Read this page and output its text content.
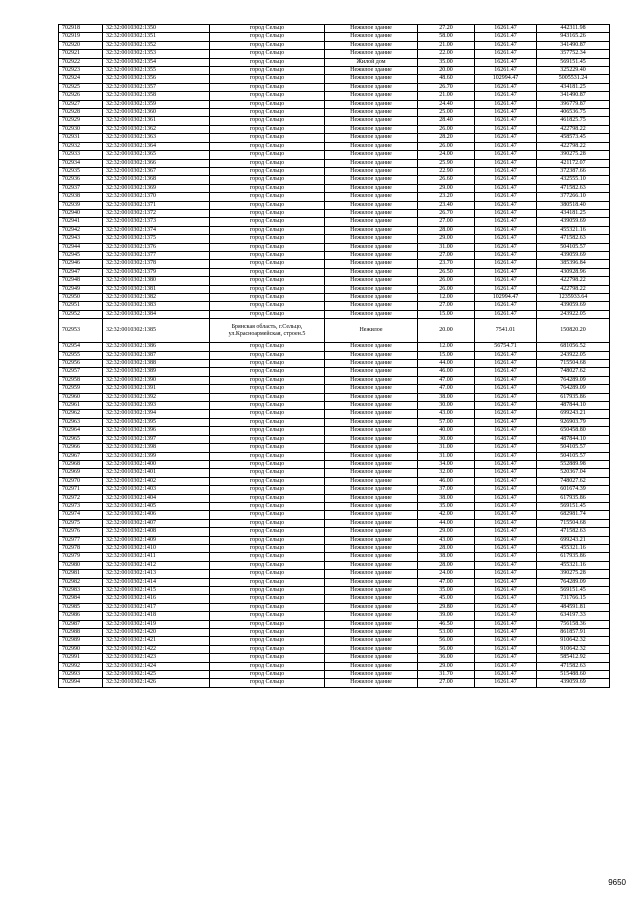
702918	32:32:0010302:1350	город Сельцо	Нежилое здание	27.20	16261.47	442311.98
702919	32:32:0010302:1351	город Сельцо	Нежилое здание	58.00	16261.47	943165.26
702920	32:32:0010302:1352	город Сельцо	Нежилое здание	21.00	16261.47	341490.87
702921	32:32:0010302:1353	город Сельцо	Нежилое здание	22.00	16261.47	357752.34
702922	32:32:0010302:1354	город Сельцо	Жилой дом	35.00	16261.47	569151.45
702923	32:32:0010302:1355	город Сельцо	Нежилое здание	20.00	16261.47	325229.40
702924	32:32:0010302:1356	город Сельцо	Нежилое здание	48.60	102994.47	5005531.24
702925	32:32:0010302:1357	город Сельцо	Нежилое здание	26.70	16261.47	434181.25
702926	32:32:0010302:1358	город Сельцо	Нежилое здание	21.00	16261.47	341490.87
702927	32:32:0010302:1359	город Сельцо	Нежилое здание	24.40	16261.47	396779.87
702928	32:32:0010302:1360	город Сельцо	Нежилое здание	25.00	16261.47	406536.75
702929	32:32:0010302:1361	город Сельцо	Нежилое здание	28.40	16261.47	461825.75
702930	32:32:0010302:1362	город Сельцо	Нежилое здание	26.00	16261.47	422798.22
702931	32:32:0010302:1363	город Сельцо	Нежилое здание	28.20	16261.47	458573.45
702932	32:32:0010302:1364	город Сельцо	Нежилое здание	26.00	16261.47	422798.22
702933	32:32:0010302:1365	город Сельцо	Нежилое здание	24.00	16261.47	390275.28
702934	32:32:0010302:1366	город Сельцо	Нежилое здание	25.90	16261.47	421172.07
702935	32:32:0010302:1367	город Сельцо	Нежилое здание	22.90	16261.47	372387.66
702936	32:32:0010302:1368	город Сельцо	Нежилое здание	26.60	16261.47	432555.10
702937	32:32:0010302:1369	город Сельцо	Нежилое здание	29.00	16261.47	471582.63
702938	32:32:0010302:1370	город Сельцо	Нежилое здание	23.20	16261.47	377266.10
702939	32:32:0010302:1371	город Сельцо	Нежилое здание	23.40	16261.47	380518.40
702940	32:32:0010302:1372	город Сельцо	Нежилое здание	26.70	16261.47	434181.25
702941	32:32:0010302:1373	город Сельцо	Нежилое здание	27.00	16261.47	439059.69
702942	32:32:0010302:1374	город Сельцо	Нежилое здание	28.00	16261.47	455321.16
702943	32:32:0010302:1375	город Сельцо	Нежилое здание	29.00	16261.47	471582.63
702944	32:32:0010302:1376	город Сельцо	Нежилое здание	31.00	16261.47	504105.57
702945	32:32:0010302:1377	город Сельцо	Нежилое здание	27.00	16261.47	439059.69
702946	32:32:0010302:1378	город Сельцо	Нежилое здание	23.70	16261.47	385396.84
702947	32:32:0010302:1379	город Сельцо	Нежилое здание	26.50	16261.47	430928.96
702948	32:32:0010302:1380	город Сельцо	Нежилое здание	26.00	16261.47	422798.22
702949	32:32:0010302:1381	город Сельцо	Нежилое здание	26.00	16261.47	422798.22
702950	32:32:0010302:1382	город Сельцо	Нежилое здание	12.00	102994.47	1235933.64
702951	32:32:0010302:1383	город Сельцо	Нежилое здание	27.00	16261.47	439059.69
702952	32:32:0010302:1384	город Сельцо	Нежилое здание	15.00	16261.47	243922.05
702953	32:32:0010302:1385	Брянская область, г.Сельцо, ул.Красноармейская, строен.5	Нежилое	20.00	7541.01	150820.20
702954	32:32:0010302:1386	город Сельцо	Нежилое здание	12.00	56754.71	681056.52
702955	32:32:0010302:1387	город Сельцо	Нежилое здание	15.00	16261.47	243922.05
702956	32:32:0010302:1388	город Сельцо	Нежилое здание	44.00	16261.47	715504.68
702957	32:32:0010302:1389	город Сельцо	Нежилое здание	46.00	16261.47	748027.62
702958	32:32:0010302:1390	город Сельцо	Нежилое здание	47.00	16261.47	764289.09
702959	32:32:0010302:1391	город Сельцо	Нежилое здание	47.00	16261.47	764289.09
702960	32:32:0010302:1392	город Сельцо	Нежилое здание	38.00	16261.47	617935.86
702961	32:32:0010302:1393	город Сельцо	Нежилое здание	30.00	16261.47	487844.10
702962	32:32:0010302:1394	город Сельцо	Нежилое здание	43.00	16261.47	699243.21
702963	32:32:0010302:1395	город Сельцо	Нежилое здание	57.00	16261.47	926903.79
702964	32:32:0010302:1396	город Сельцо	Нежилое здание	40.00	16261.47	650458.80
702965	32:32:0010302:1397	город Сельцо	Нежилое здание	30.00	16261.47	487844.10
702966	32:32:0010302:1398	город Сельцо	Нежилое здание	31.00	16261.47	504105.57
702967	32:32:0010302:1399	город Сельцо	Нежилое здание	31.00	16261.47	504105.57
702968	32:32:0010302:1400	город Сельцо	Нежилое здание	34.00	16261.47	552889.98
702969	32:32:0010302:1401	город Сельцо	Нежилое здание	32.00	16261.47	520367.04
702970	32:32:0010302:1402	город Сельцо	Нежилое здание	46.00	16261.47	748027.62
702971	32:32:0010302:1403	город Сельцо	Нежилое здание	37.00	16261.47	601674.39
702972	32:32:0010302:1404	город Сельцо	Нежилое здание	38.00	16261.47	617935.86
702973	32:32:0010302:1405	город Сельцо	Нежилое здание	35.00	16261.47	569151.45
702974	32:32:0010302:1406	город Сельцо	Нежилое здание	42.00	16261.47	682981.74
702975	32:32:0010302:1407	город Сельцо	Нежилое здание	44.00	16261.47	715504.68
702976	32:32:0010302:1408	город Сельцо	Нежилое здание	29.00	16261.47	471582.63
702977	32:32:0010302:1409	город Сельцо	Нежилое здание	43.00	16261.47	699243.21
702978	32:32:0010302:1410	город Сельцо	Нежилое здание	28.00	16261.47	455321.16
702979	32:32:0010302:1411	город Сельцо	Нежилое здание	38.00	16261.47	617935.86
702980	32:32:0010302:1412	город Сельцо	Нежилое здание	28.00	16261.47	455321.16
702981	32:32:0010302:1413	город Сельцо	Нежилое здание	24.00	16261.47	390275.28
702982	32:32:0010302:1414	город Сельцо	Нежилое здание	47.00	16261.47	764289.09
702983	32:32:0010302:1415	город Сельцо	Нежилое здание	35.00	16261.47	569151.45
702984	32:32:0010302:1416	город Сельцо	Нежилое здание	45.00	16261.47	731766.15
702985	32:32:0010302:1417	город Сельцо	Нежилое здание	29.80	16261.47	484591.81
702986	32:32:0010302:1418	город Сельцо	Нежилое здание	39.00	16261.47	634197.33
702987	32:32:0010302:1419	город Сельцо	Нежилое здание	46.50	16261.47	756158.36
702988	32:32:0010302:1420	город Сельцо	Нежилое здание	53.00	16261.47	861857.91
702989	32:32:0010302:1421	город Сельцо	Нежилое здание	56.00	16261.47	910642.32
702990	32:32:0010302:1422	город Сельцо	Нежилое здание	56.00	16261.47	910642.32
702991	32:32:0010302:1423	город Сельцо	Нежилое здание	36.00	16261.47	585412.92
702992	32:32:0010302:1424	город Сельцо	Нежилое здание	29.00	16261.47	471582.63
702993	32:32:0010302:1425	город Сельцо	Нежилое здание	31.70	16261.47	515488.60
702994	32:32:0010302:1426	город Сельцо	Нежилое здание	27.00	16261.47	439059.69
9650
